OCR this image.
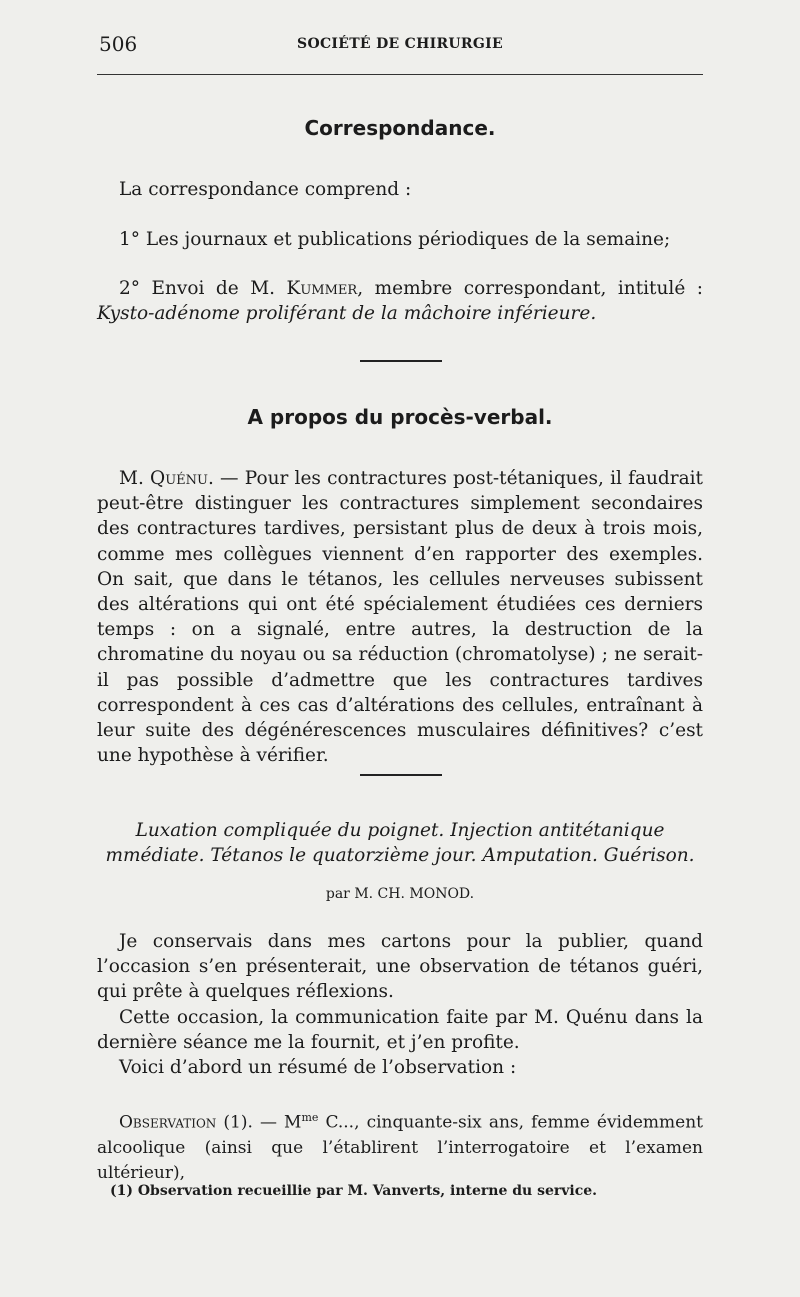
506	SOCIÉTÉ DE CHIRURGIE
Correspondance.

La correspondance comprend :

1° Les journaux et publications périodiques de la semaine;

2° Envoi de M. Kummer, membre correspondant, intitulé : Kysto-adénome proliférant de la mâchoire inférieure.

A propos du procès-verbal.

M. Quénu. — Pour les contractures post-tétaniques, il faudrait peut-être distinguer les contractures simplement secondaires des contractures tardives, persistant plus de deux à trois mois, comme mes collègues viennent d’en rapporter des exemples. On sait, que dans le tétanos, les cellules nerveuses subissent des altérations qui ont été spécialement étudiées ces derniers temps : on a signalé, entre autres, la destruction de la chromatine du noyau ou sa réduction (chromatolyse) ; ne serait-il pas possible d’admettre que les contractures tardives correspondent à ces cas d’altérations des cellules, entraînant à leur suite des dégénérescences musculaires définitives? c’est une hypothèse à vérifier.

Luxation compliquée du poignet. Injection antitétanique
mmédiate. Tétanos le quatorzième jour. Amputation. Guérison.
par M. CH. MONOD.

Je conservais dans mes cartons pour la publier, quand l’occasion s’en présenterait, une observation de tétanos guéri, qui prête à quelques réflexions.

Cette occasion, la communication faite par M. Quénu dans la dernière séance me la fournit, et j’en profite.

Voici d’abord un résumé de l’observation :

Observation (1). — $M^{me}$ C..., cinquante-six ans, femme évidemment alcoolique (ainsi que l’établirent l’interrogatoire et l’examen ultérieur),

(1) Observation recueillie par M. Vanverts, interne du service.
